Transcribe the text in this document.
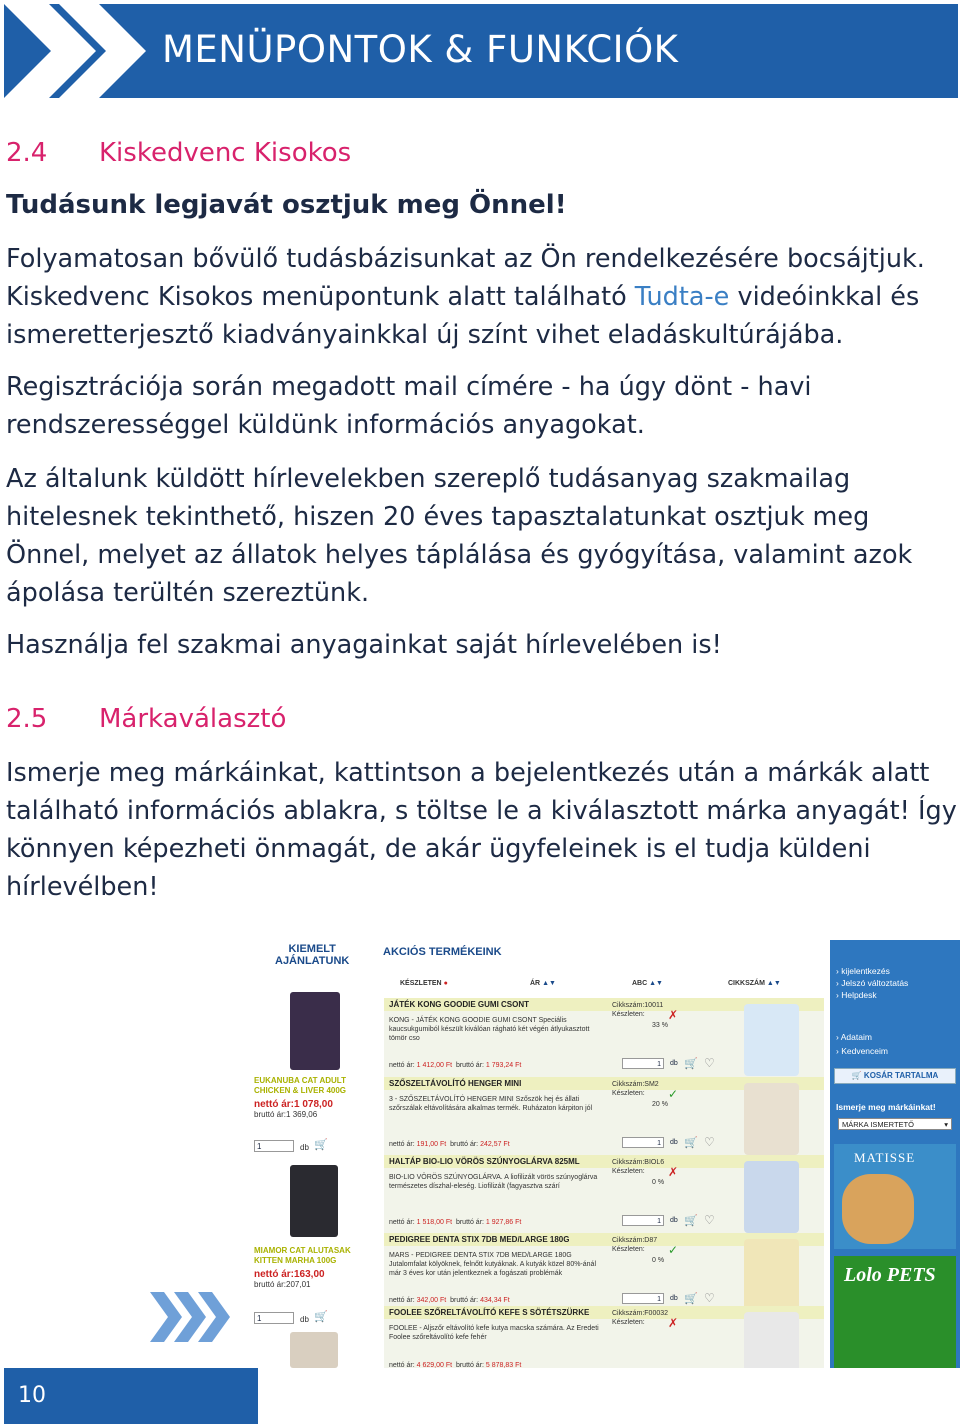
MENÜPONTOK & FUNKCIÓK
2.4 Kiskedvenc Kisokos
Tudásunk legjavát osztjuk meg Önnel!
Folyamatosan bővülő tudásbázisunkat az Ön rendelkezésére bocsájtjuk. Kiskedvenc Kisokos menüpontunk alatt található Tudta-e videóinkkal és ismeretterjesztő kiadványainkkal új színt vihet eladáskultúrájába.
Regisztrációja során megadott mail címére - ha úgy dönt - havi rendszerességgel küldünk információs anyagokat.
Az általunk küldött hírlevelekben szereplő tudásanyag szakmailag hitelesnek tekinthető, hiszen 20 éves tapasztalatunkat osztjuk meg Önnel, melyet az állatok helyes táplálása és gyógyítása, valamint azok ápolása terültén szereztünk.
Használja fel szakmai anyagainkat saját hírlevelében is!
2.5 Márkaválasztó
Ismerje meg márkáinkat, kattintson a bejelentkezés után a márkák alatt található információs ablakra, s töltse le a kiválasztott márka anyagát! Így könnyen képezheti önmagát, de akár ügyfeleinek is el tudja küldeni hírlevélben!
KIEMELT
AJÁNLATUNK
EUKANUBA CAT ADULT
CHICKEN & LIVER 400G
nettó ár:1 078,00
bruttó ár:1 369,06
1	db 🛒
MIAMOR CAT ALUTASAK
KITTEN MARHA 100G
nettó ár:163,00
bruttó ár:207,01
1	db 🛒
AKCIÓS TERMÉKEINK
KÉSZLETEN ●	ÁR ▲▼	ABC ▲▼	CIKKSZÁM ▲▼
JÁTÉK KONG GOODIE GUMI CSONT
KONG - JÁTÉK KONG GOODIE GUMI CSONT Speciális kaucsukgumiból készült kiválóan rágható két végén átlyukasztott tömör cso
Cikkszám:10011
Készleten:	✗
33 %
nettó ár: 1 412,00 Ft bruttó ár: 1 793,24 Ft	1	db 🛒 ♡
SZŐSZELTÁVOLÍTÓ HENGER MINI
3 - SZŐSZELTÁVOLÍTÓ HENGER MINI Szőszök hej és állati szőrszálak eltávolítására alkalmas termék. Ruházaton kárpiton jól
Cikkszám:SM2
Készleten:	✓
20 %
nettó ár: 191,00 Ft bruttó ár: 242,57 Ft	1	db 🛒 ♡
HALTÁP BIO-LIO VÖRÖS SZÚNYOGLÁRVA 825ML
BIO-LIO VÖRÖS SZÚNYOGLÁRVA. A liofilizált vörös szúnyoglárva természetes díszhal-eleség. Liofilizált (fagyasztva szárí
Cikkszám:BIOL6
Készleten:	✗
0 %
nettó ár: 1 518,00 Ft bruttó ár: 1 927,86 Ft	1	db 🛒 ♡
PEDIGREE DENTA STIX 7DB MED/LARGE 180G
MARS - PEDIGREE DENTA STIX 7DB MED/LARGE 180G Jutalomfalat kölyöknek, felnőtt kutyáknak. A kutyák közel 80%-ánál már 3 éves kor után jelentkeznek a fogászati problémák
Cikkszám:D87
Készleten:	✓
0 %
nettó ár: 342,00 Ft bruttó ár: 434,34 Ft	1	db 🛒 ♡
FOOLEE SZŐRELTÁVOLÍTÓ KEFE S SÖTÉTSZÜRKE
FOOLEE - Aljszőr eltávolító kefe kutya macska számára. Az Eredeti Foolee szőreltávolító kefe fehér
Cikkszám:F00032
Készleten:	✗
nettó ár: 4 629,00 Ft bruttó ár: 5 878,83 Ft
› kijelentkezés
› Jelszó változtatás
› Helpdesk
› Adataim
› Kedvenceim
🛒 KOSÁR TARTALMA
Ismerje meg márkáinkat!
MÁRKA ISMERTETŐ	▾
MATISSE
Lolo PETS
10
